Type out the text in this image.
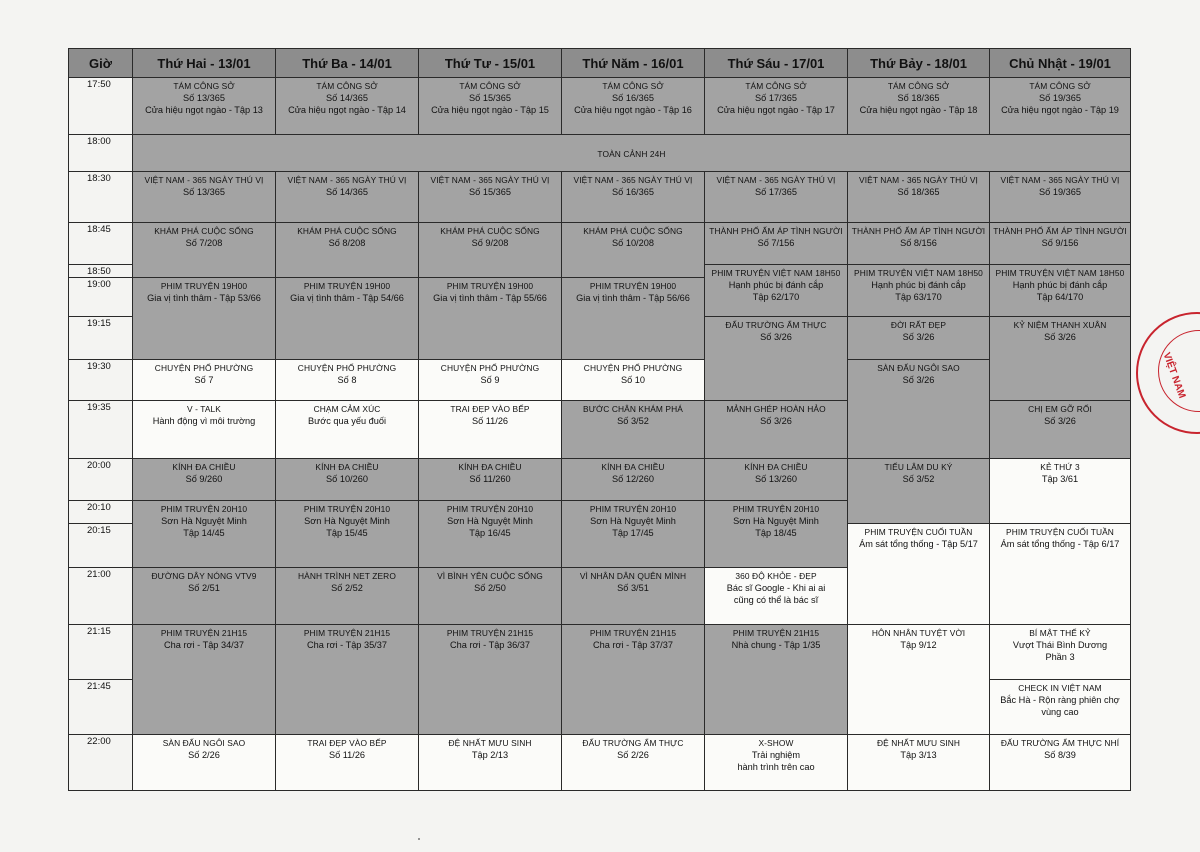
Giờ	Thứ Hai - 13/01	Thứ Ba - 14/01	Thứ Tư - 15/01	Thứ Năm - 16/01	Thứ Sáu - 17/01	Thứ Bảy - 18/01	Chủ Nhật - 19/01
17:50	TÁM CÔNG SỞ
Số 13/365
Cửa hiệu ngọt ngào - Tập 13	TÁM CÔNG SỞ
Số 14/365
Cửa hiệu ngọt ngào - Tập 14	TÁM CÔNG SỞ
Số 15/365
Cửa hiệu ngọt ngào - Tập 15	TÁM CÔNG SỞ
Số 16/365
Cửa hiệu ngọt ngào - Tập 16	TÁM CÔNG SỞ
Số 17/365
Cửa hiệu ngọt ngào - Tập 17	TÁM CÔNG SỞ
Số 18/365
Cửa hiệu ngọt ngào - Tập 18	TÁM CÔNG SỞ
Số 19/365
Cửa hiệu ngọt ngào - Tập 19

18:00	TOÀN CẢNH 24H						

18:30	VIỆT NAM - 365 NGÀY THÚ VỊ
Số 13/365	VIỆT NAM - 365 NGÀY THÚ VỊ
Số 14/365	VIỆT NAM - 365 NGÀY THÚ VỊ
Số 15/365	VIỆT NAM - 365 NGÀY THÚ VỊ
Số 16/365	VIỆT NAM - 365 NGÀY THÚ VỊ
Số 17/365	VIỆT NAM - 365 NGÀY THÚ VỊ
Số 18/365	VIỆT NAM - 365 NGÀY THÚ VỊ
Số 19/365

18:45	KHÁM PHÁ CUỘC SỐNG
Số 7/208	KHÁM PHÁ CUỘC SỐNG
Số 8/208	KHÁM PHÁ CUỘC SỐNG
Số 9/208	KHÁM PHÁ CUỘC SỐNG
Số 10/208	THÀNH PHỐ ẤM ÁP TÌNH NGƯỜI
Số 7/156	THÀNH PHỐ ẤM ÁP TÌNH NGƯỜI
Số 8/156	THÀNH PHỐ ẤM ÁP TÌNH NGƯỜI
Số 9/156

18:50					PHIM TRUYỆN VIỆT NAM 18H50
Hạnh phúc bị đánh cắp
Tập 62/170	PHIM TRUYỆN VIỆT NAM 18H50
Hạnh phúc bị đánh cắp
Tập 63/170	PHIM TRUYỆN VIỆT NAM 18H50
Hạnh phúc bị đánh cắp
Tập 64/170

19:00	PHIM TRUYỆN 19H00
Gia vị tình thâm - Tập 53/66	PHIM TRUYỆN 19H00
Gia vị tình thâm - Tập 54/66	PHIM TRUYỆN 19H00
Gia vị tình thâm - Tập 55/66	PHIM TRUYỆN 19H00
Gia vị tình thâm - Tập 56/66			

19:15					ĐẤU TRƯỜNG ẨM THỰC
Số 3/26	ĐỜI RẤT ĐẸP
Số 3/26	KỶ NIỆM THANH XUÂN
Số 3/26

19:30	CHUYỆN PHỐ PHƯỜNG
Số 7	CHUYỆN PHỐ PHƯỜNG
Số 8	CHUYỆN PHỐ PHƯỜNG
Số 9	CHUYỆN PHỐ PHƯỜNG
Số 10		SÀN ĐẤU NGÔI SAO
Số 3/26	

19:35	V - TALK
Hành động vì môi trường	CHẠM CẢM XÚC
Bước qua yếu đuối	TRAI ĐẸP VÀO BẾP
Số 11/26	BƯỚC CHÂN KHÁM PHÁ
Số 3/52	MẢNH GHÉP HOÀN HẢO
Số 3/26		CHỊ EM GỠ RỐI
Số 3/26

20:00	KÍNH ĐA CHIỀU
Số 9/260	KÍNH ĐA CHIỀU
Số 10/260	KÍNH ĐA CHIỀU
Số 11/260	KÍNH ĐA CHIỀU
Số 12/260	KÍNH ĐA CHIỀU
Số 13/260	TIẾU LÂM DU KÝ
Số 3/52	KẺ THỨ 3
Tập 3/61

20:10	PHIM TRUYỆN 20H10
Sơn Hà Nguyệt Minh
Tập 14/45	PHIM TRUYỆN 20H10
Sơn Hà Nguyệt Minh
Tập 15/45	PHIM TRUYỆN 20H10
Sơn Hà Nguyệt Minh
Tập 16/45	PHIM TRUYỆN 20H10
Sơn Hà Nguyệt Minh
Tập 17/45	PHIM TRUYỆN 20H10
Sơn Hà Nguyệt Minh
Tập 18/45		

20:15						PHIM TRUYỆN CUỐI TUẦN
Ám sát tổng thống - Tập 5/17	PHIM TRUYỆN CUỐI TUẦN
Ám sát tổng thống - Tập 6/17

21:00	ĐƯỜNG DÂY NÓNG VTV9
Số 2/51	HÀNH TRÌNH NET ZERO
Số 2/52	VÌ BÌNH YÊN CUỘC SỐNG
Số 2/50	VÌ NHÂN DÂN QUÊN MÌNH
Số 3/51	360 ĐỘ KHỎE - ĐẸP
Bác sĩ Google - Khi ai ai
cũng có thể là bác sĩ		

21:15	PHIM TRUYỆN 21H15
Cha rơi - Tập 34/37	PHIM TRUYỆN 21H15
Cha rơi - Tập 35/37	PHIM TRUYỆN 21H15
Cha rơi - Tập 36/37	PHIM TRUYỆN 21H15
Cha rơi - Tập 37/37	PHIM TRUYỆN 21H15
Nhà chung - Tập 1/35	HÔN NHÂN TUYỆT VỜI
Tập 9/12	BÍ MẬT THẾ KỶ
Vượt Thái Bình Dương
Phần 3

21:45							CHECK IN VIỆT NAM
Bắc Hà - Rộn ràng phiên chợ
vùng cao

22:00	SÀN ĐẤU NGÔI SAO
Số 2/26	TRAI ĐẸP VÀO BẾP
Số 11/26	ĐỆ NHẤT MƯU SINH
Tập 2/13	ĐẤU TRƯỜNG ẨM THỰC
Số 2/26	X-SHOW
Trải nghiệm
hành trình trên cao	ĐỆ NHẤT MƯU SINH
Tập 3/13	ĐẤU TRƯỜNG ẨM THỰC NHÍ
Số 8/39
VIỆT NAM
